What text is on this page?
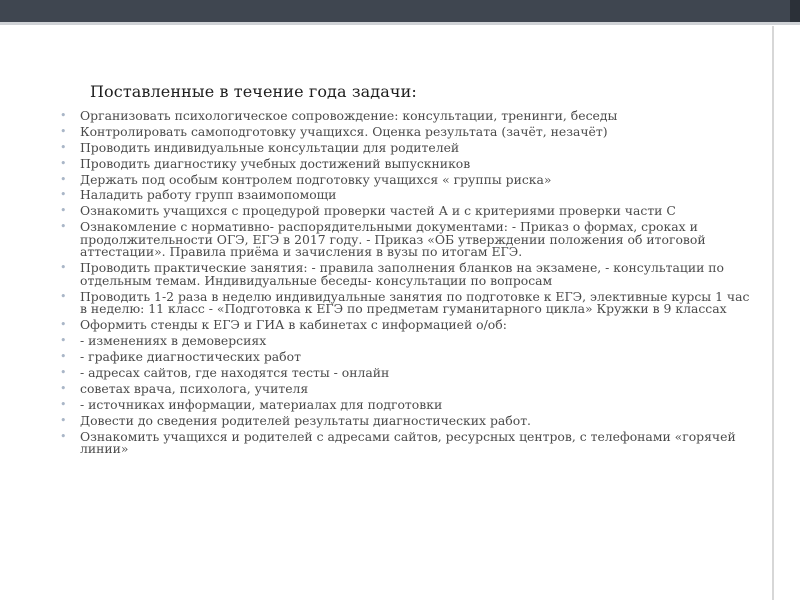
Поставленные в течение года задачи:
• Организовать психологическое сопровождение: консультации, тренинги, беседы
• Контролировать самоподготовку учащихся. Оценка результата (зачёт, незачёт)
• Проводить индивидуальные консультации для родителей
• Проводить диагностику учебных достижений выпускников
• Держать под особым контролем подготовку учащихся « группы риска»
• Наладить работу групп взаимопомощи
• Ознакомить учащихся с процедурой проверки частей А и с критериями проверки части С
• Ознакомление с нормативно- распорядительными документами: - Приказ о формах, сроках и продолжительности ОГЭ, ЕГЭ в 2017 году. - Приказ «ОБ утверждении положения об итоговой аттестации». Правила приёма и зачисления в вузы по итогам ЕГЭ.
• Проводить практические занятия: - правила заполнения бланков на экзамене, - консультации по отдельным темам. Индивидуальные беседы- консультации по вопросам
• Проводить 1-2 раза в неделю индивидуальные занятия по подготовке к ЕГЭ, элективные курсы 1 час в неделю: 11 класс - «Подготовка к ЕГЭ по предметам гуманитарного цикла» Кружки в 9 классах
• Оформить стенды к ЕГЭ и ГИА в кабинетах с информацией о/об:
• - изменениях в демоверсиях
• - графике диагностических работ
• - адресах сайтов, где находятся тесты - онлайн
• советах врача, психолога, учителя
• - источниках информации, материалах для подготовки
• Довести до сведения родителей результаты диагностических работ.
• Ознакомить учащихся и родителей с адресами сайтов, ресурсных центров, с телефонами «горячей линии»
